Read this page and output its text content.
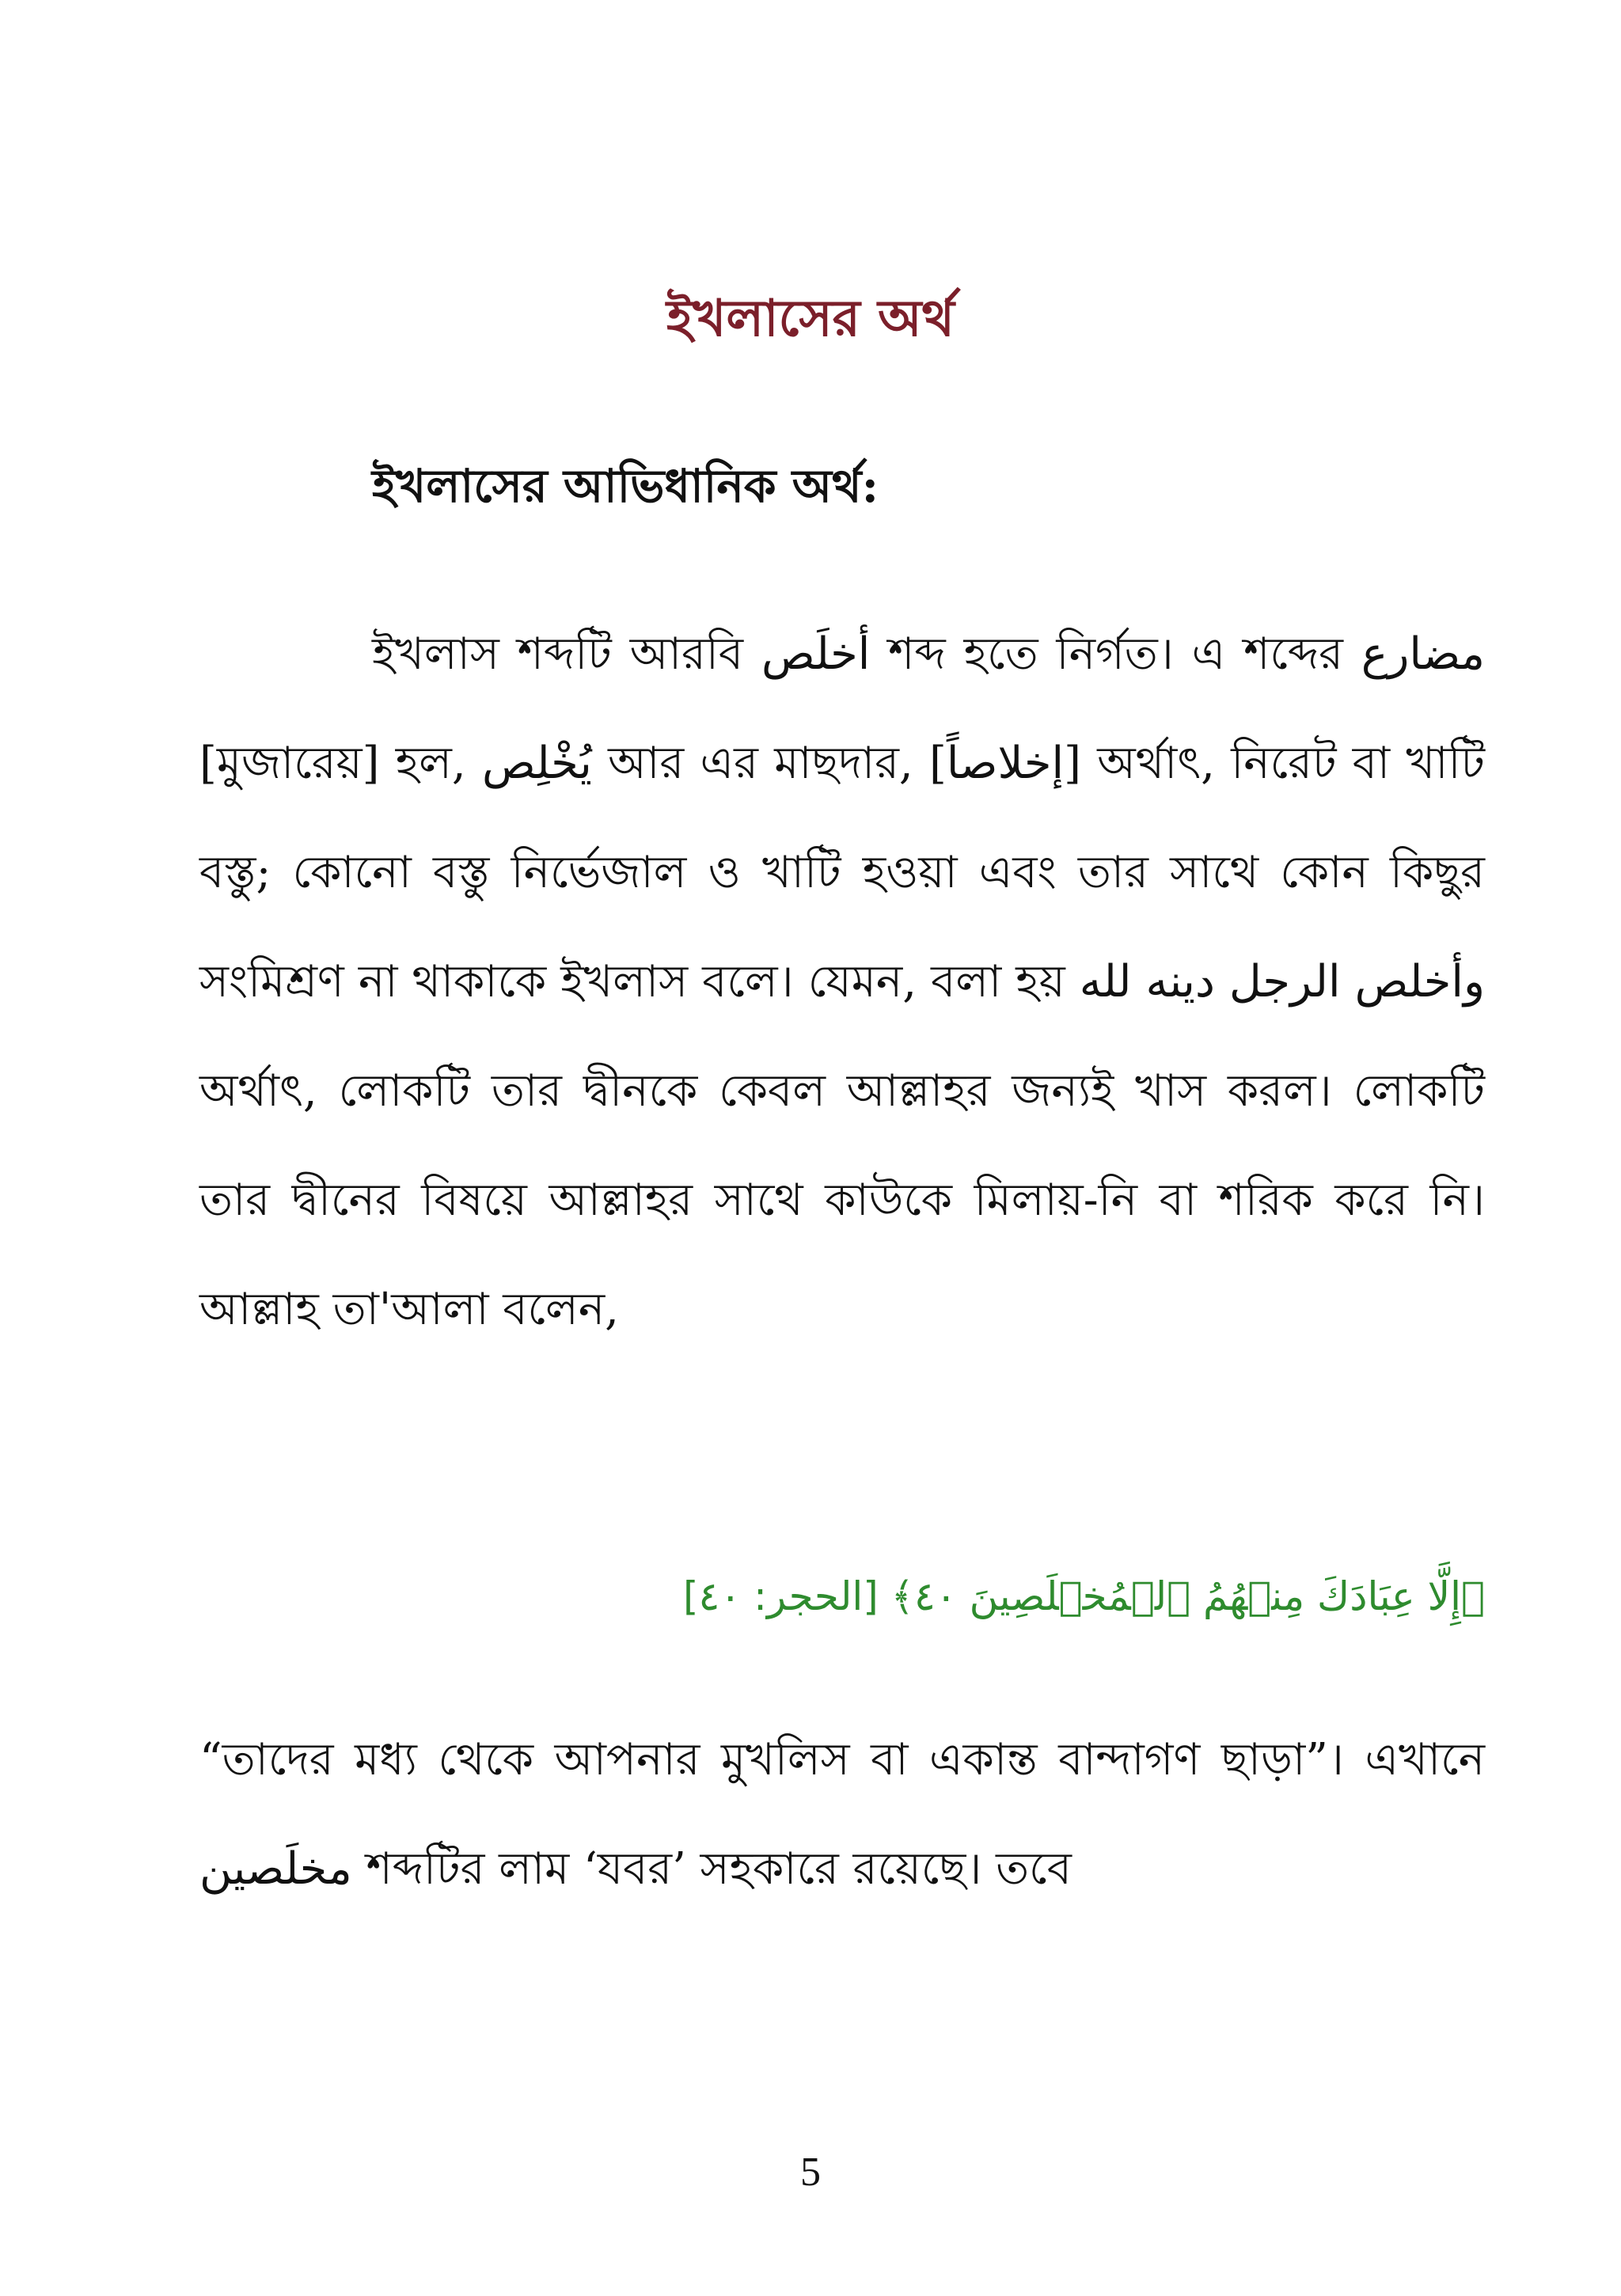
ইখলাসের অর্থ
ইখলাসের আভিধানিক অর্থ:

ইখলাস শব্দটি আরবি أخلَص শব্দ হতে নির্গত। এ শব্দের مضارع [মুজারেয়] হল, يُخْلِص আর এর মাছদার, [إخلاصاً] অর্থাৎ, নিরেট বা খাটি বস্তু; কোনো বস্তু নির্ভেজাল ও খাটি হওয়া এবং তার সাথে কোন কিছুর সংমিশ্রণ না থাকাকে ইখলাস বলে। যেমন, বলা হয় وأخلص الرجل دينه لله অর্থাৎ, লোকটি তার দ্বীনকে কেবল আল্লাহর জন্যই খাস করল। লোকটি তার দ্বীনের বিষয়ে আল্লাহর সাথে কাউকে মিলায়-নি বা শরিক করে নি। আল্লাহ তা'আলা বলেন,

﴿إِلَّا عِبَادَكَ مِنۡهُمُ ٱلۡمُخۡلَصِينَ ٤٠﴾ [الحجر: ٤٠]

“তাদের মধ্য থেকে আপনার মুখলিস বা একান্ত বান্দাগণ ছাড়া”। এখানে مخلَصين শব্দটির লাম ‘যবর’ সহকারে রয়েছে। তবে

5
